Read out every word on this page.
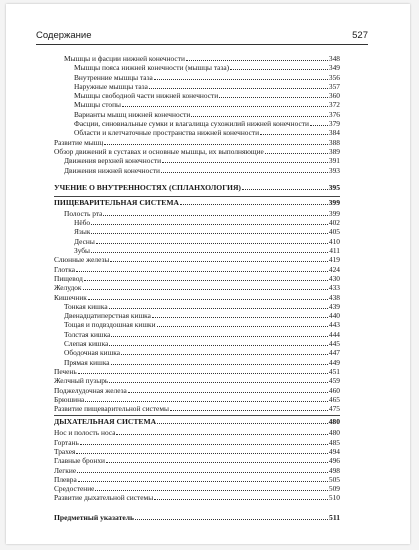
Содержание	527
Мышцы и фасции нижней конечности	348
Мышцы пояса нижней конечности (мышцы таза)	349
Внутренние мышцы таза	356
Наружные мышцы таза	357
Мышцы свободной части нижней конечности	360
Мышцы стопы	372
Варианты мышц нижней конечности	376
Фасции, синовиальные сумки и влагалища сухожилий нижней конечности	379
Области и клетчаточные пространства нижней конечности	384
Развитие мышц	388
Обзор движений в суставах и основные мышцы, их выполняющие	389
Движения верхней конечности	391
Движения нижней конечности	393
УЧЕНИЕ О ВНУТРЕННОСТЯХ (СПЛАНХОЛОГИЯ)	395
ПИЩЕВАРИТЕЛЬНАЯ СИСТЕМА	399
Полость рта	399
Нёбо	402
Язык	405
Десны	410
Зубы	411
Слюнные железы	419
Глотка	424
Пищевод	430
Желудок	433
Кишечник	438
Тонкая кишка	439
Двенадцатиперстная кишка	440
Тощая и подвздошная кишки	443
Толстая кишка	444
Слепая кишка	445
Ободочная кишка	447
Прямая кишка	449
Печень	451
Желчный пузырь	459
Поджелудочная железа	460
Брюшина	465
Развитие пищеварительной системы	475
ДЫХАТЕЛЬНАЯ СИСТЕМА	480
Нос и полость носа	480
Гортань	485
Трахея	494
Главные бронхи	496
Легкие	498
Плевра	505
Средостение	509
Развитие дыхательной системы	510
Предметный указатель	511
